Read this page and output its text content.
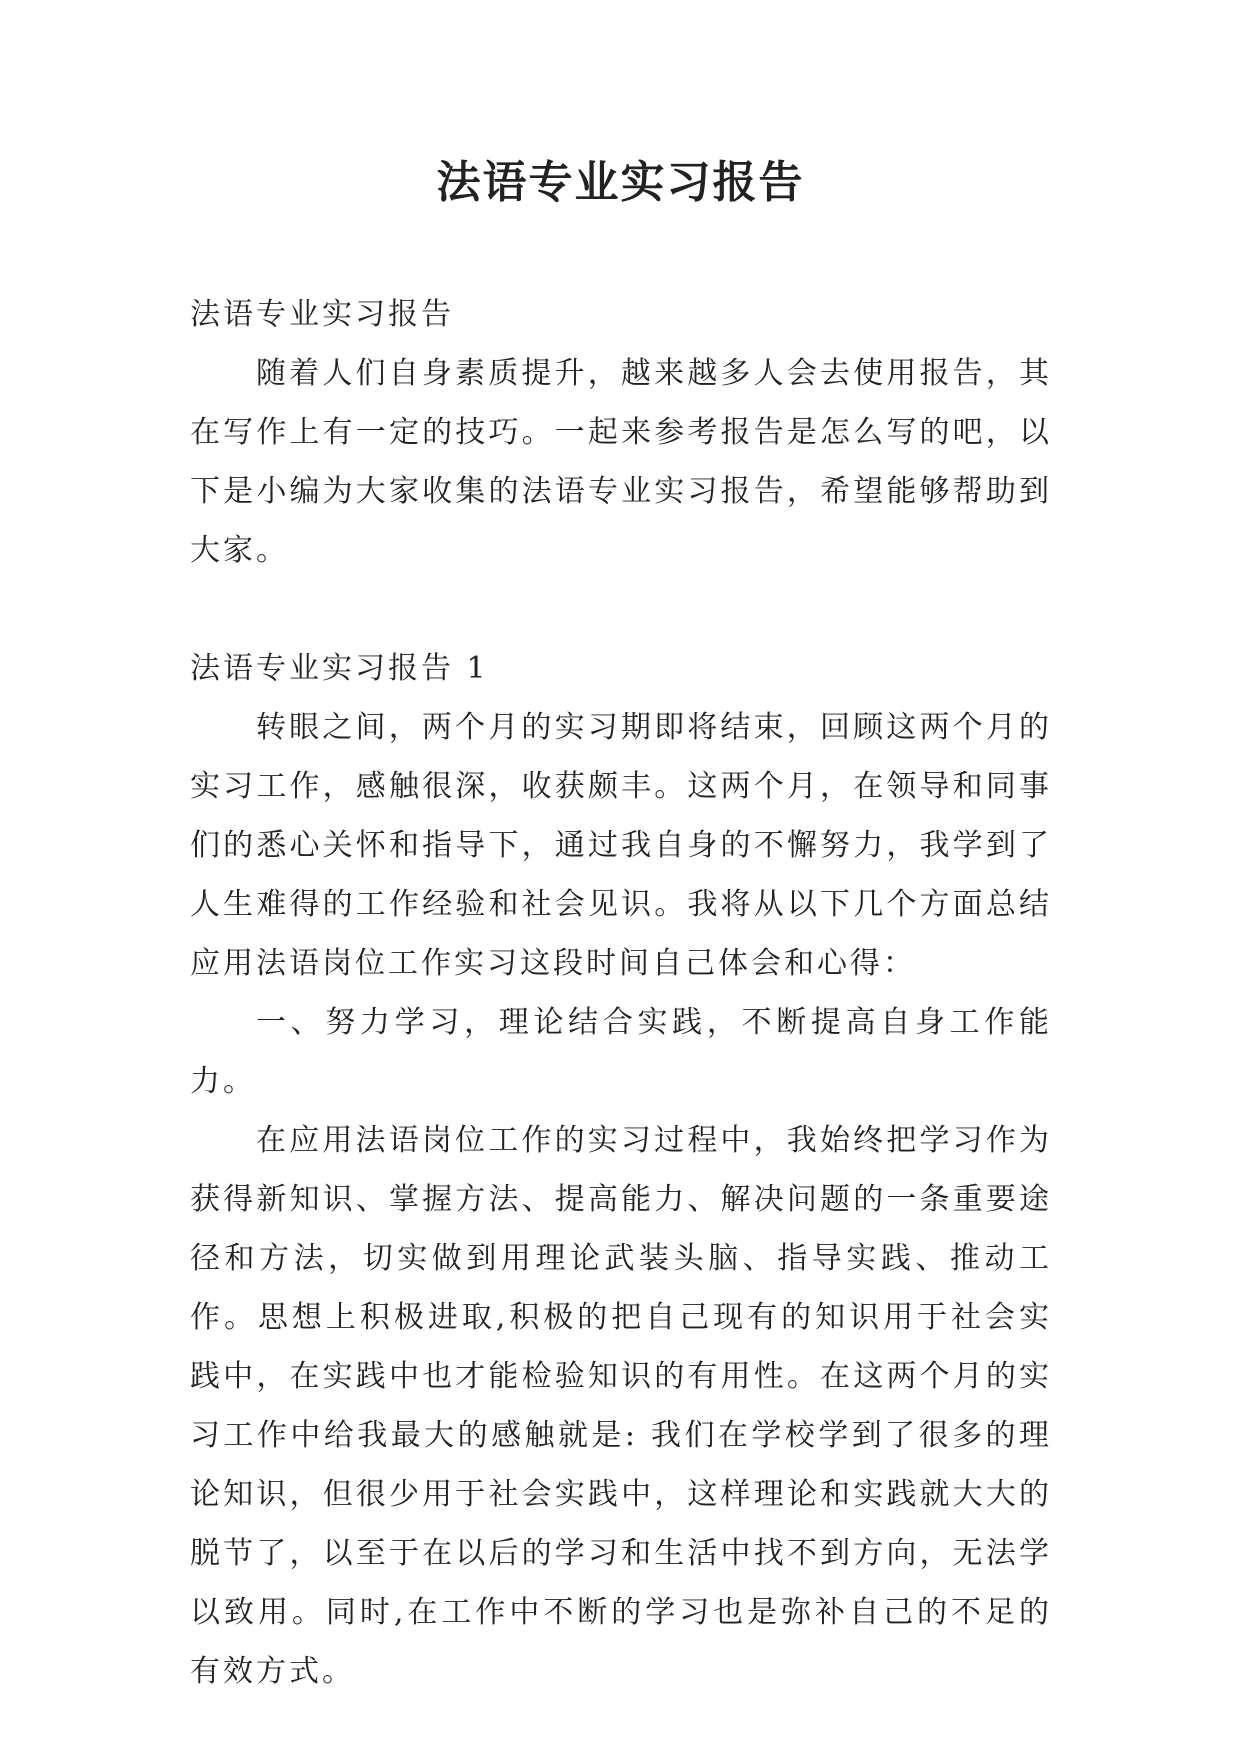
法语专业实习报告

法语专业实习报告

随着人们自身素质提升，越来越多人会去使用报告，其在写作上有一定的技巧。一起来参考报告是怎么写的吧，以下是小编为大家收集的法语专业实习报告，希望能够帮助到大家。

法语专业实习报告 1

转眼之间，两个月的实习期即将结束，回顾这两个月的实习工作，感触很深，收获颇丰。这两个月，在领导和同事们的悉心关怀和指导下，通过我自身的不懈努力，我学到了人生难得的工作经验和社会见识。我将从以下几个方面总结应用法语岗位工作实习这段时间自己体会和心得：

一、努力学习，理论结合实践，不断提高自身工作能力。

在应用法语岗位工作的实习过程中，我始终把学习作为获得新知识、掌握方法、提高能力、解决问题的一条重要途径和方法，切实做到用理论武装头脑、指导实践、推动工作。思想上积极进取,积极的把自己现有的知识用于社会实践中，在实践中也才能检验知识的有用性。在这两个月的实习工作中给我最大的感触就是: 我们在学校学到了很多的理论知识，但很少用于社会实践中，这样理论和实践就大大的脱节了，以至于在以后的学习和生活中找不到方向，无法学以致用。同时,在工作中不断的学习也是弥补自己的不足的有效方式。
